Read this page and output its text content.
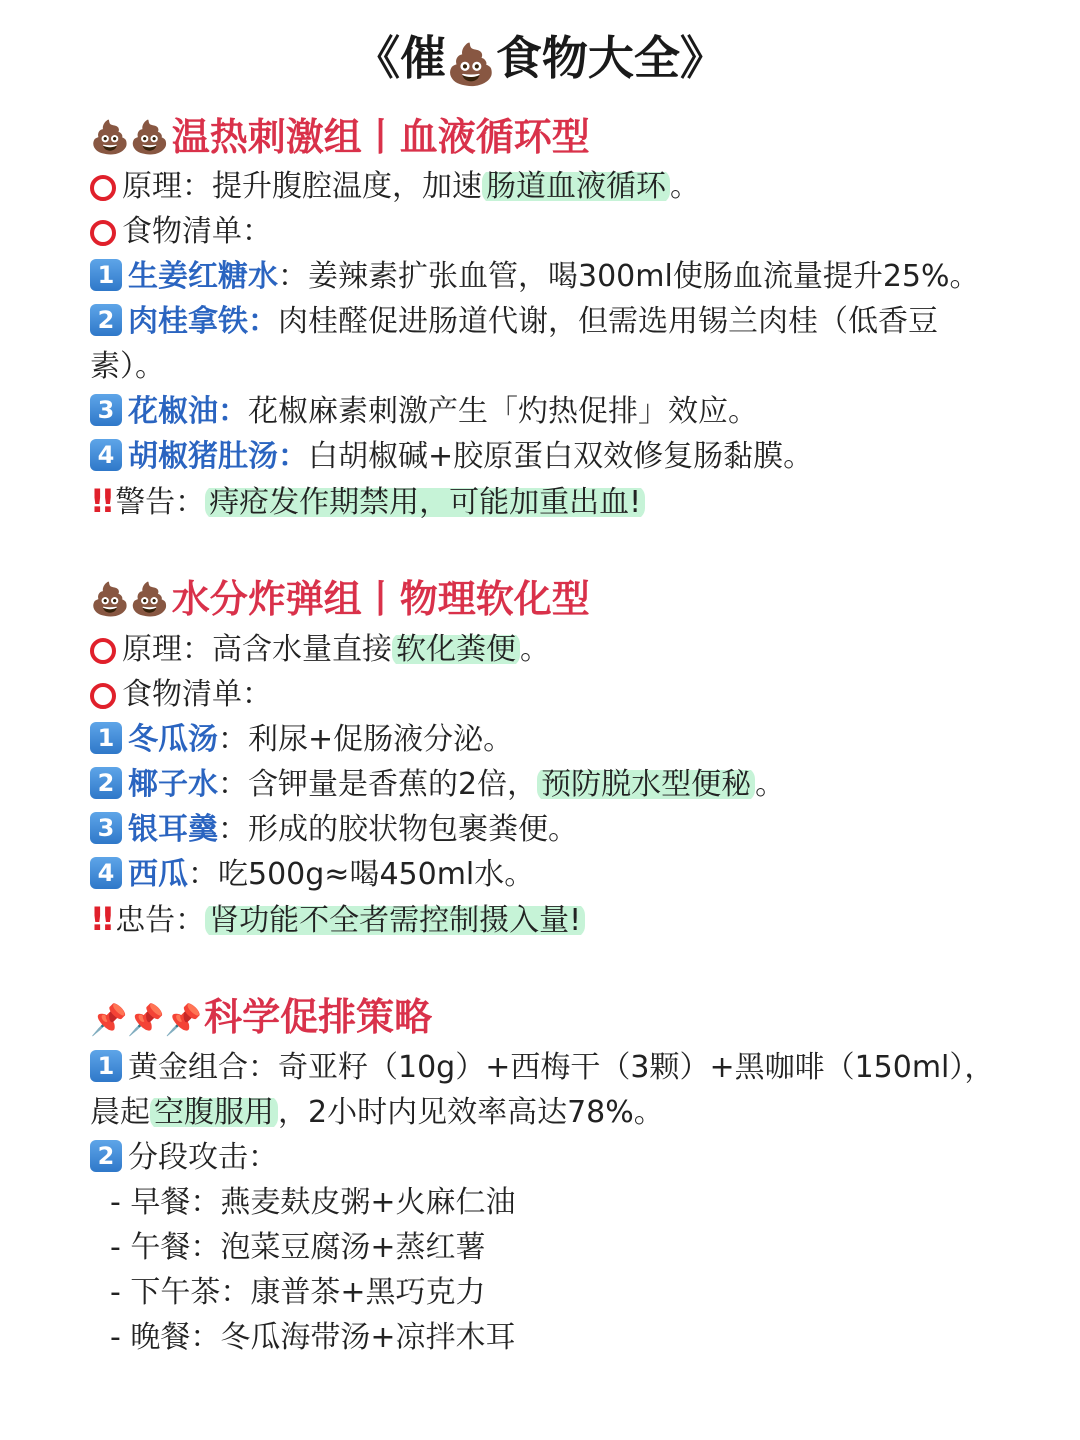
《催💩食物大全》
💩💩温热刺激组丨血液循环型
原理：提升腹腔温度，加速 肠道血液循环 。
食物清单：
1 生姜红糖水：姜辣素扩张血管，喝300ml使肠血流量提升25%。
2 肉桂拿铁：肉桂醛促进肠道代谢，但需选用锡兰肉桂（低香豆
素）。
3 花椒油：花椒麻素刺激产生「灼热促排」效应。
4 胡椒猪肚汤：白胡椒碱+胶原蛋白双效修复肠黏膜。
!! 警告： 痔疮发作期禁用，可能加重出血!
💩💩水分炸弹组丨物理软化型
原理：高含水量直接 软化粪便 。
食物清单：
1 冬瓜汤：利尿+促肠液分泌。
2 椰子水：含钾量是香蕉的2倍， 预防脱水型便秘 。
3 银耳羹：形成的胶状物包裹粪便。
4 西瓜：吃500g≈喝450ml水。
!! 忠告： 肾功能不全者需控制摄入量!
📌📌📌科学促排策略
1 黄金组合：奇亚籽（10g）+西梅干（3颗）+黑咖啡（150ml），
晨起 空腹服用 ，2小时内见效率高达78%。
2 分段攻击：
- 早餐：燕麦麸皮粥+火麻仁油
- 午餐：泡菜豆腐汤+蒸红薯
- 下午茶：康普茶+黑巧克力
- 晚餐：冬瓜海带汤+凉拌木耳
